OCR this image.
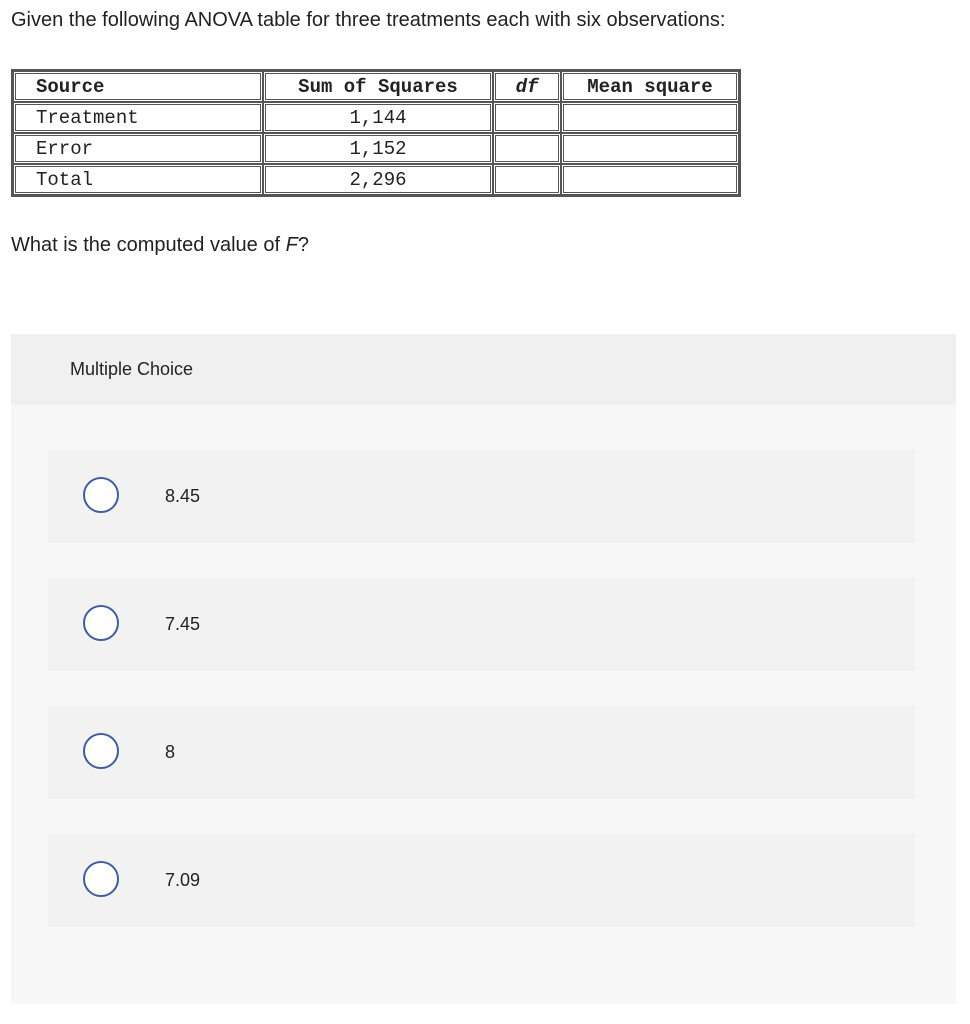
Given the following ANOVA table for three treatments each with six observations:

Source	Sum of Squares	df	Mean square
Treatment	1,144		
Error	1,152		
Total	2,296		

What is the computed value of F?

Multiple Choice
8.45
7.45
8
7.09
